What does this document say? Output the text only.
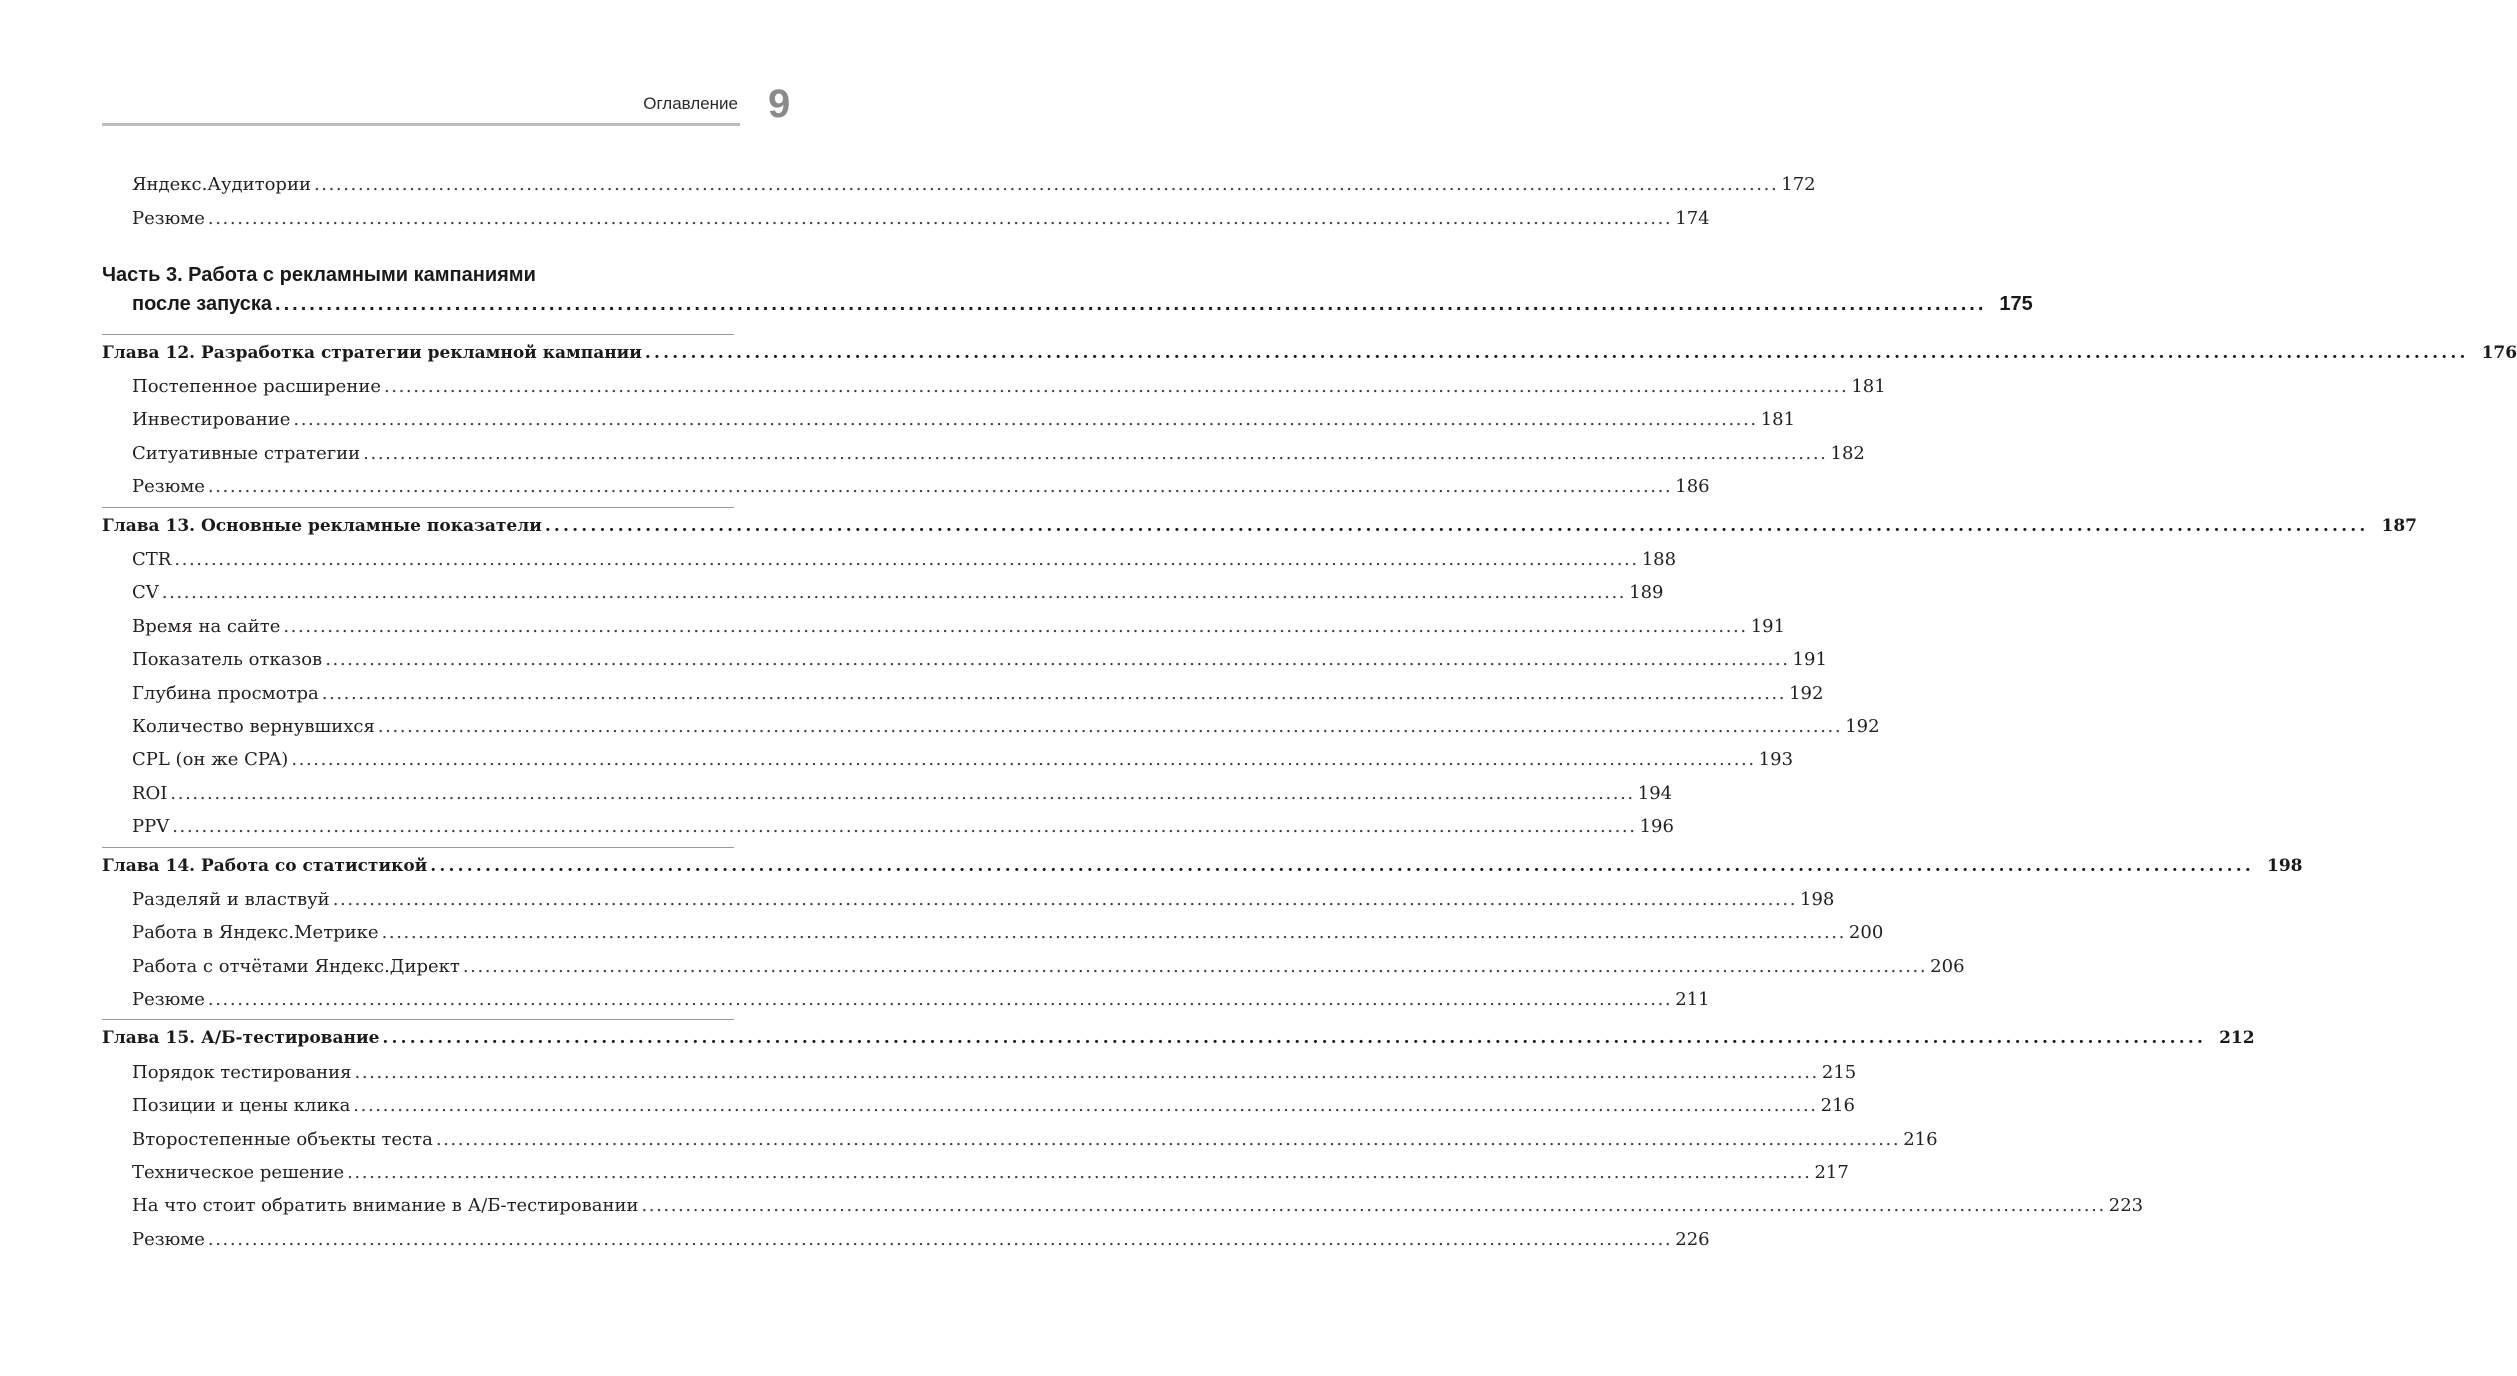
Оглавление 9
Яндекс.Аудитории ........................................................................................................................................................................................................ 172
Резюме ........................................................................................................................................................................................................ 174
Часть 3. Работа с рекламными кампаниями
после запуска ........................................................................................................................................................................................................ 175
Глава 12. Разработка стратегии рекламной кампании ........................................................................................................................................................................................................ 176
Постепенное расширение ........................................................................................................................................................................................................ 181
Инвестирование ........................................................................................................................................................................................................ 181
Ситуативные стратегии ........................................................................................................................................................................................................ 182
Резюме ........................................................................................................................................................................................................ 186
Глава 13. Основные рекламные показатели ........................................................................................................................................................................................................ 187
CTR ........................................................................................................................................................................................................ 188
CV ........................................................................................................................................................................................................ 189
Время на сайте ........................................................................................................................................................................................................ 191
Показатель отказов ........................................................................................................................................................................................................ 191
Глубина просмотра ........................................................................................................................................................................................................ 192
Количество вернувшихся ........................................................................................................................................................................................................ 192
CPL (он же CPA) ........................................................................................................................................................................................................ 193
ROI ........................................................................................................................................................................................................ 194
PPV ........................................................................................................................................................................................................ 196
Глава 14. Работа со статистикой ........................................................................................................................................................................................................ 198
Разделяй и властвуй ........................................................................................................................................................................................................ 198
Работа в Яндекс.Метрике ........................................................................................................................................................................................................ 200
Работа с отчётами Яндекс.Директ ........................................................................................................................................................................................................ 206
Резюме ........................................................................................................................................................................................................ 211
Глава 15. А/Б-тестирование ........................................................................................................................................................................................................ 212
Порядок тестирования ........................................................................................................................................................................................................ 215
Позиции и цены клика ........................................................................................................................................................................................................ 216
Второстепенные объекты теста ........................................................................................................................................................................................................ 216
Техническое решение ........................................................................................................................................................................................................ 217
На что стоит обратить внимание в А/Б-тестировании ........................................................................................................................................................................................................ 223
Резюме ........................................................................................................................................................................................................ 226
